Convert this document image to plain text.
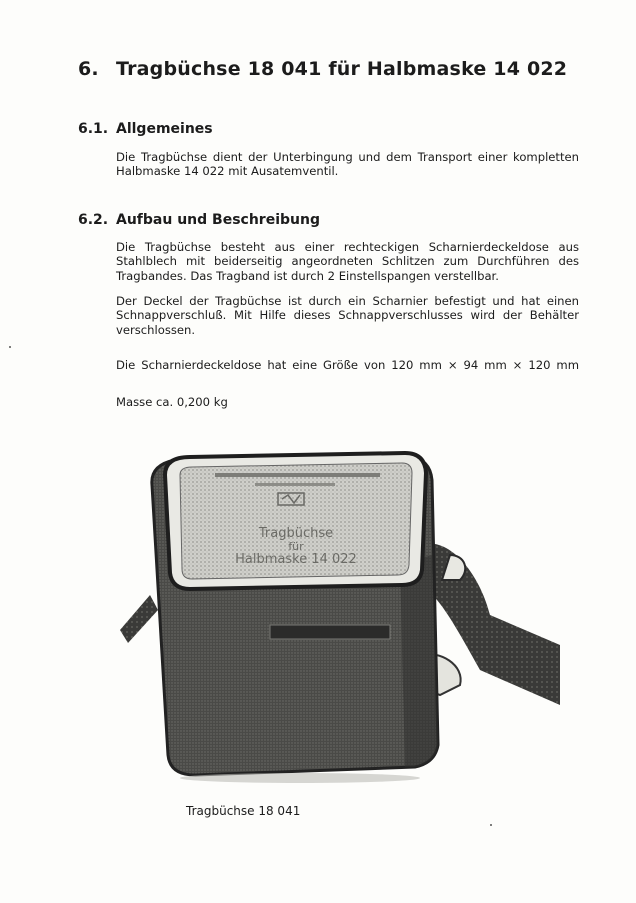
6. Tragbüchse 18 041 für Halbmaske 14 022
6.1. Allgemeines
Die Tragbüchse dient der Unterbingung und dem Transport einer kompletten
Halbmaske 14 022 mit Ausatemventil.
6.2. Aufbau und Beschreibung
Die Tragbüchse besteht aus einer rechteckigen Scharnierdeckeldose aus
Stahlblech mit beiderseitig angeordneten Schlitzen zum Durchführen des
Tragbandes. Das Tragband ist durch 2 Einstellspangen verstellbar.
Der Deckel der Tragbüchse ist durch ein Scharnier befestigt und hat einen
Schnappverschluß. Mit Hilfe dieses Schnappverschlusses wird der Behälter
verschlossen.
Die Scharnierdeckeldose hat eine Größe von 120 mm × 94 mm × 120 mm
Masse ca. 0,200 kg
Tragbüchse
für
Halbmaske 14 022
Tragbüchse 18 041
